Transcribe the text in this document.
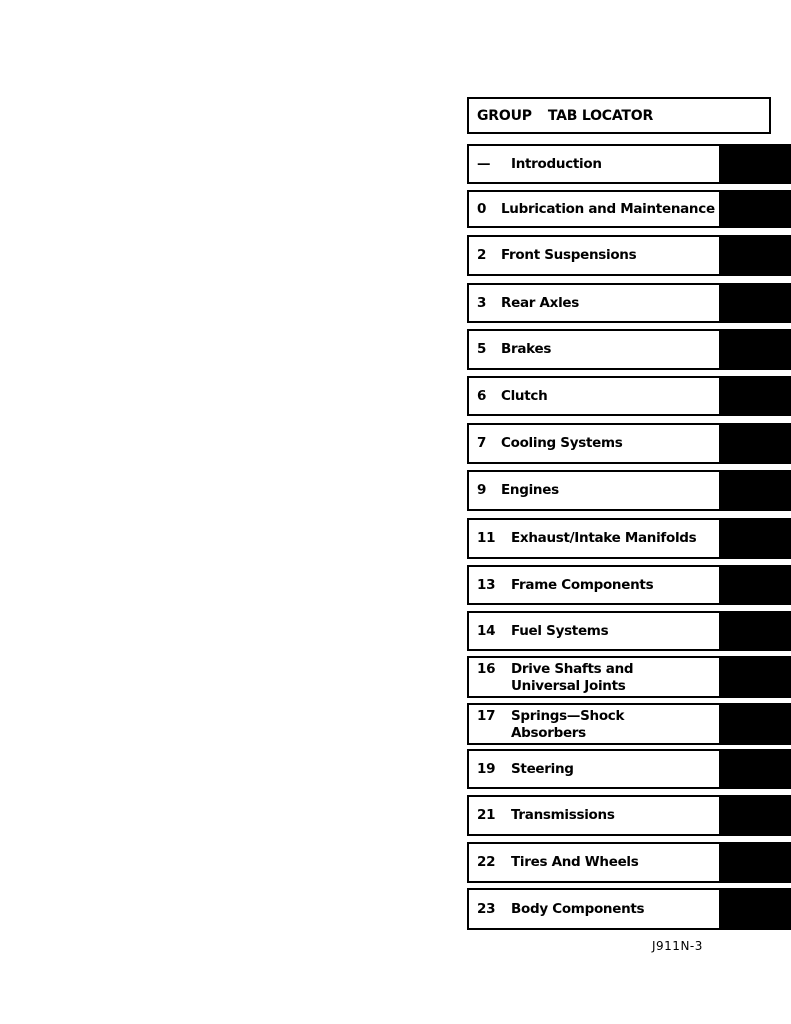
GROUP TAB LOCATOR
—	Introduction
0	Lubrication and Maintenance
2	Front Suspensions
3	Rear Axles
5	Brakes
6	Clutch
7	Cooling Systems
9	Engines
11	Exhaust/Intake Manifolds
13	Frame Components
14	Fuel Systems
16	Drive Shafts and
Universal Joints
17	Springs—Shock
Absorbers
19	Steering
21	Transmissions
22	Tires And Wheels
23	Body Components
J911N-3
